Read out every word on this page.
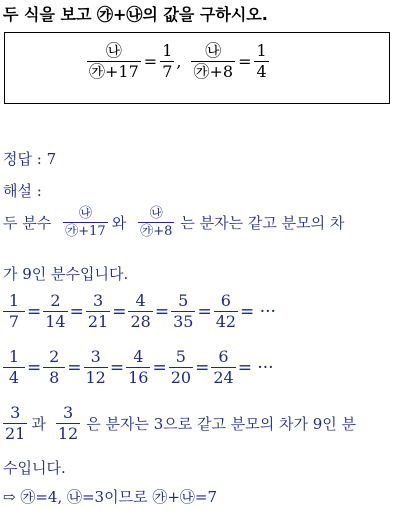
두 식을 보고 ㉮+㉯의 값을 구하시오.
$\frac{㉯}{㉮+17} = \frac{1}{7}$ , $\frac{㉯}{㉮+8} = \frac{1}{4}$
정답 : 7
해설 :
두 분수 $\frac{㉯}{㉮+17}$ 와 $\frac{㉯}{㉮+8}$ 는 분자는 같고 분모의 차
가 9인 분수입니다.
$\frac{1}{7} = \frac{2}{14} = \frac{3}{21} = \frac{4}{28} = \frac{5}{35} = \frac{6}{42}$ = ···
$\frac{1}{4} = \frac{2}{8} = \frac{3}{12} = \frac{4}{16} = \frac{5}{20} = \frac{6}{24}$ = ···
$\frac{3}{21}$ 과 $\frac{3}{12}$ 은 분자는 3으로 같고 분모의 차가 9인 분
수입니다.
⇨ ㉮=4, ㉯=3이므로 ㉮+㉯=7
